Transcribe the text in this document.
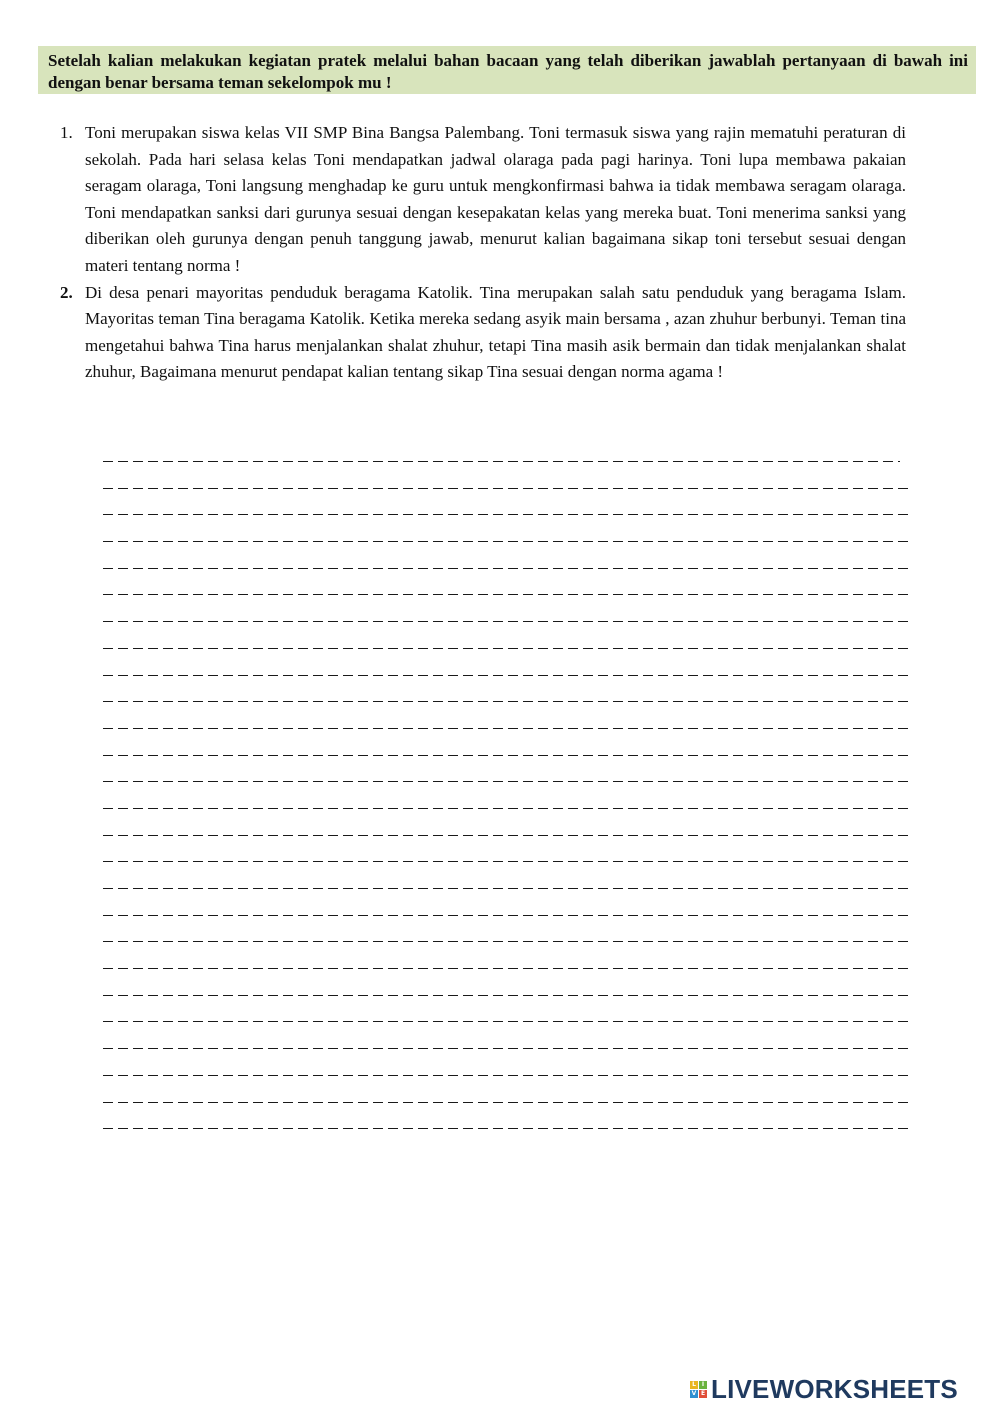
Setelah kalian melakukan kegiatan pratek melalui bahan bacaan yang telah diberikan jawablah pertanyaan di bawah ini dengan benar bersama teman sekelompok mu !
1. Toni merupakan siswa kelas VII SMP Bina Bangsa Palembang. Toni termasuk siswa yang rajin mematuhi peraturan di sekolah. Pada hari selasa kelas Toni mendapatkan jadwal olaraga pada pagi harinya. Toni lupa membawa pakaian seragam olaraga, Toni langsung menghadap ke guru untuk mengkonfirmasi bahwa ia tidak membawa seragam olaraga. Toni mendapatkan sanksi dari gurunya sesuai dengan kesepakatan kelas yang mereka buat. Toni menerima sanksi yang diberikan oleh gurunya dengan penuh tanggung jawab, menurut kalian bagaimana sikap toni tersebut sesuai dengan materi tentang norma !
2. Di desa penari mayoritas penduduk beragama Katolik. Tina merupakan salah satu penduduk yang beragama Islam. Mayoritas teman Tina beragama Katolik. Ketika mereka sedang asyik main bersama , azan zhuhur berbunyi. Teman tina mengetahui bahwa Tina harus menjalankan shalat zhuhur, tetapi Tina masih asik bermain dan tidak menjalankan shalat zhuhur, Bagaimana menurut pendapat kalian tentang sikap Tina sesuai dengan norma agama !
L I
V E LIVEWORKSHEETS
